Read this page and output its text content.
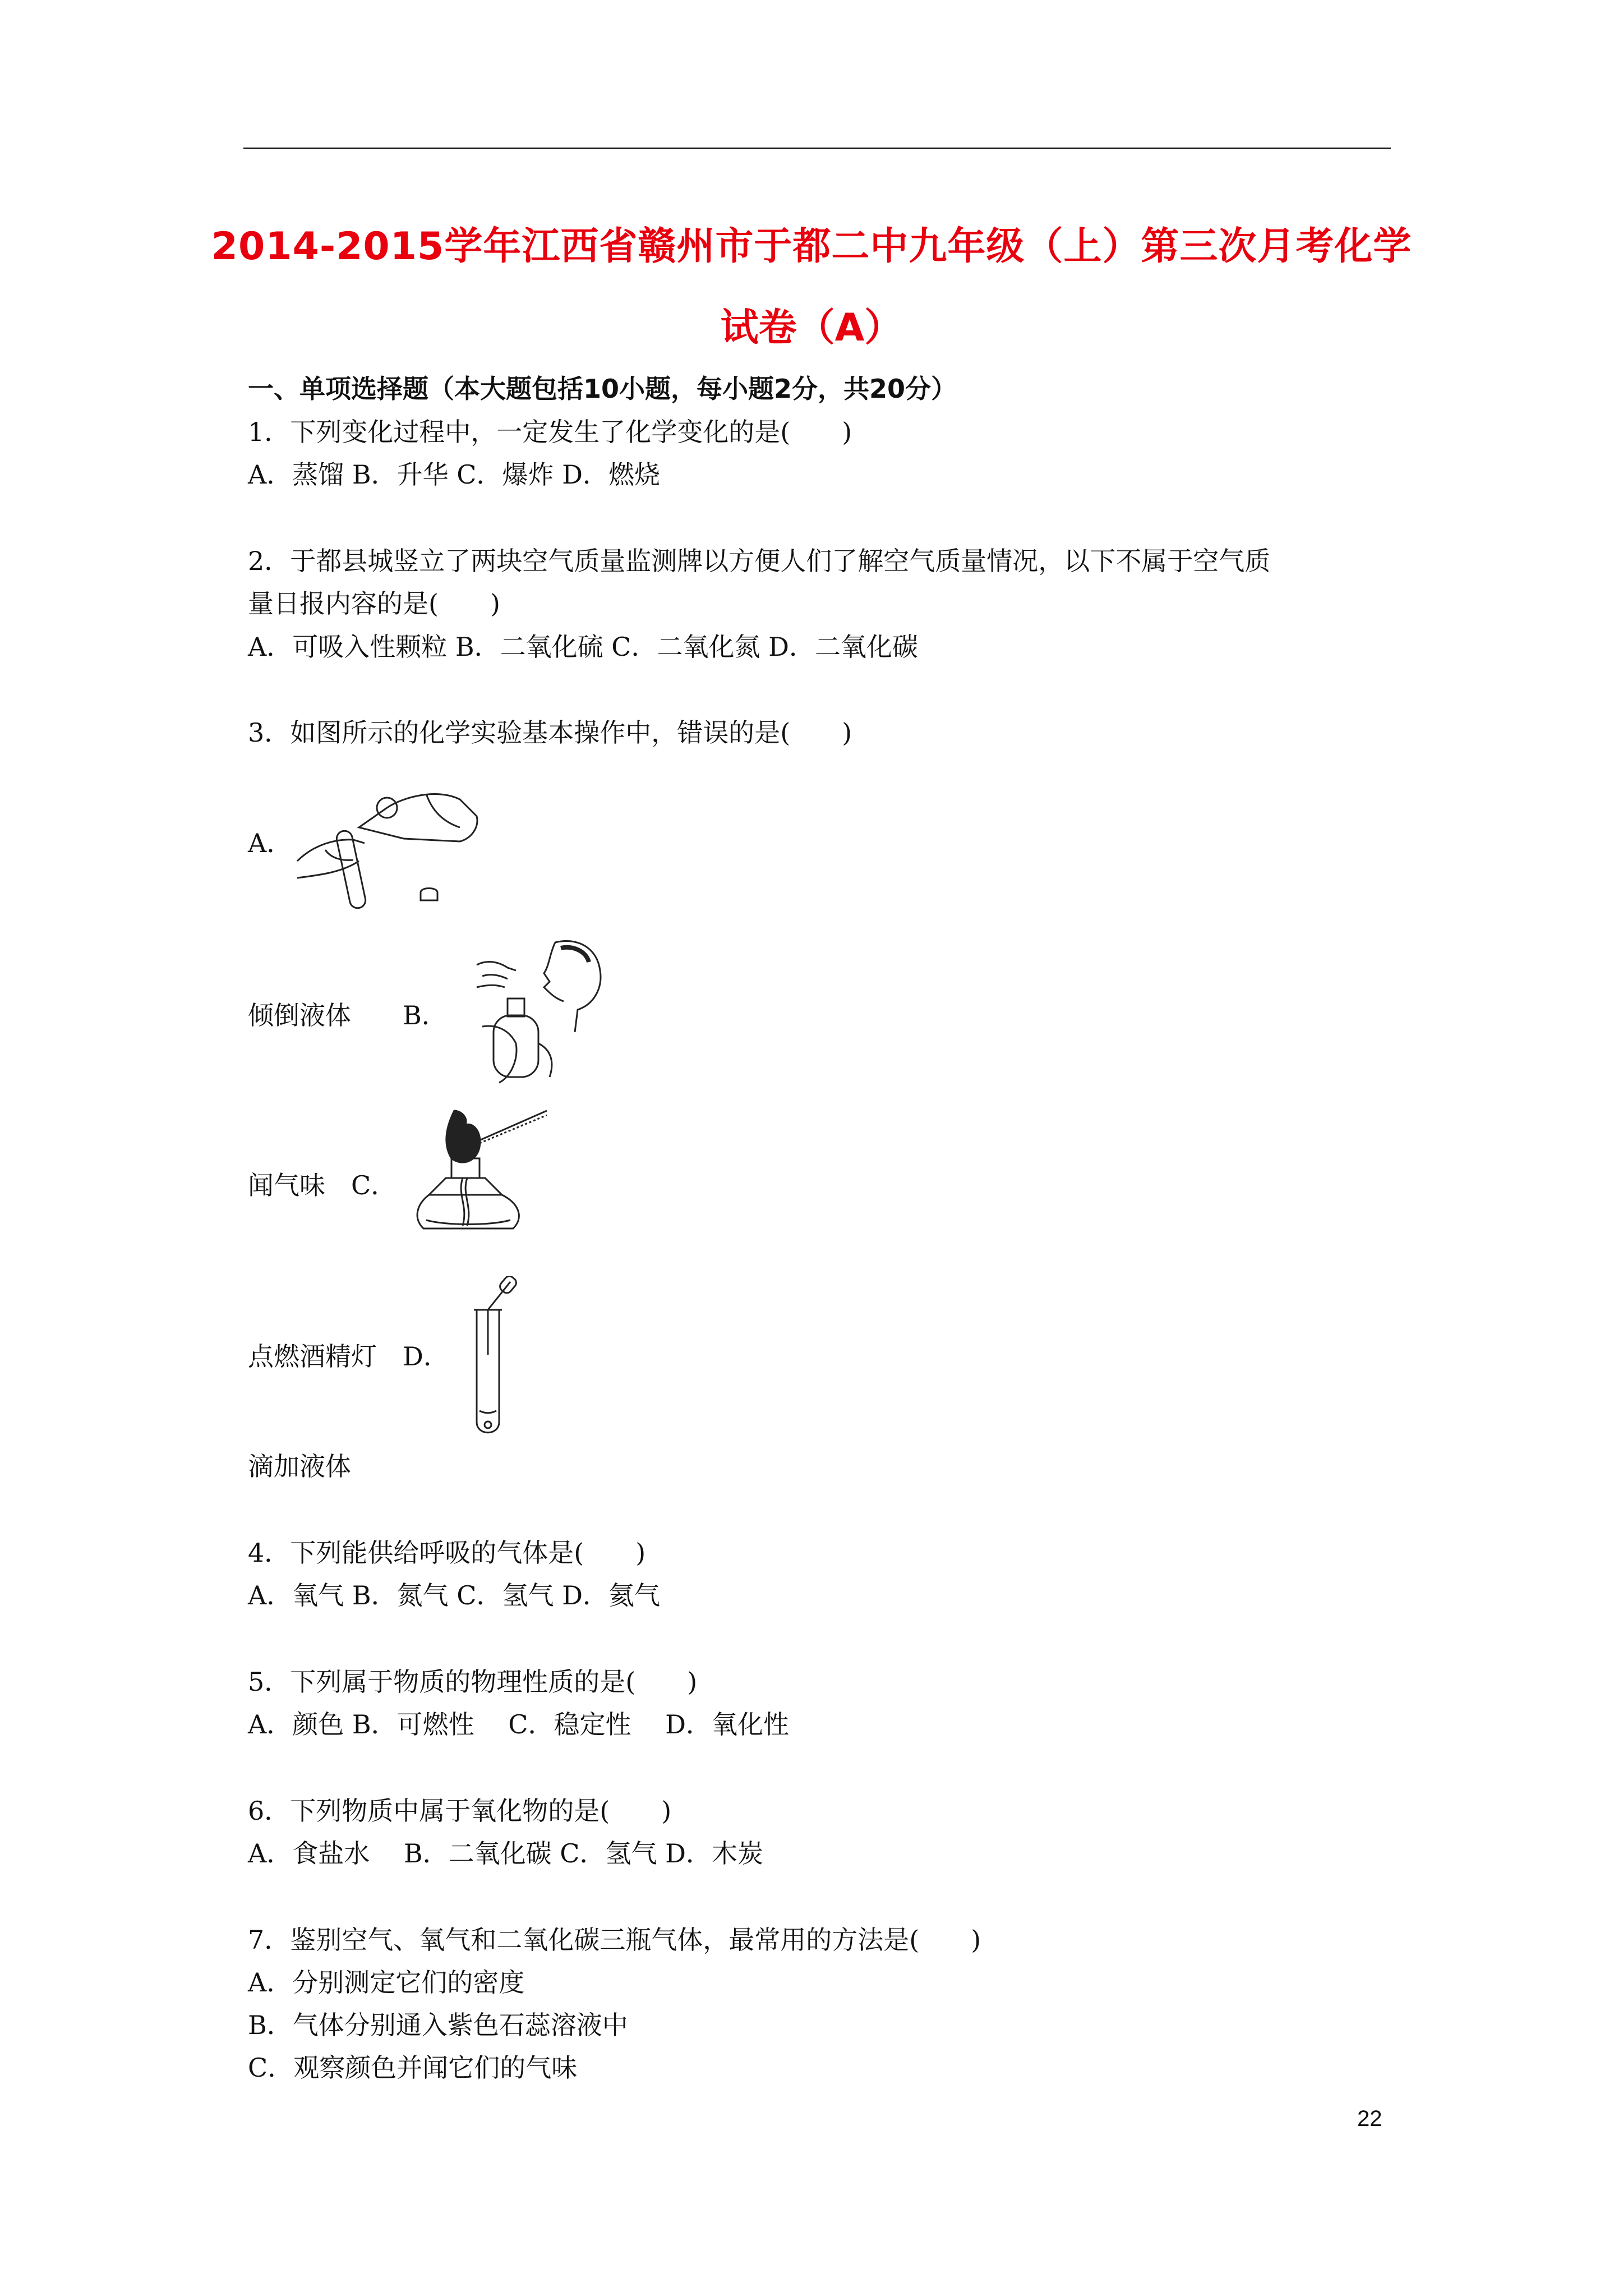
2014-2015学年江西省赣州市于都二中九年级（上）第三次月考化学
试卷（A）
一、单项选择题（本大题包括10小题，每小题2分，共20分）
1．下列变化过程中，一定发生了化学变化的是(　　)
A．蒸馏 B．升华 C．爆炸 D．燃烧
2．于都县城竖立了两块空气质量监测牌以方便人们了解空气质量情况，以下不属于空气质
量日报内容的是(　　)
A．可吸入性颗粒 B．二氧化硫 C．二氧化氮 D．二氧化碳
3．如图所示的化学实验基本操作中，错误的是(　　)
A．
倾倒液体　　B．
闻气味　C．
点燃酒精灯　D．
滴加液体
4．下列能供给呼吸的气体是(　　)
A．氧气 B．氮气 C．氢气 D．氦气
5．下列属于物质的物理性质的是(　　)
A．颜色 B．可燃性　 C．稳定性　 D．氧化性
6．下列物质中属于氧化物的是(　　)
A．食盐水　 B．二氧化碳 C．氢气 D．木炭
7．鉴别空气、氧气和二氧化碳三瓶气体，最常用的方法是(　　)
A．分别测定它们的密度
B．气体分别通入紫色石蕊溶液中
C．观察颜色并闻它们的气味
22
